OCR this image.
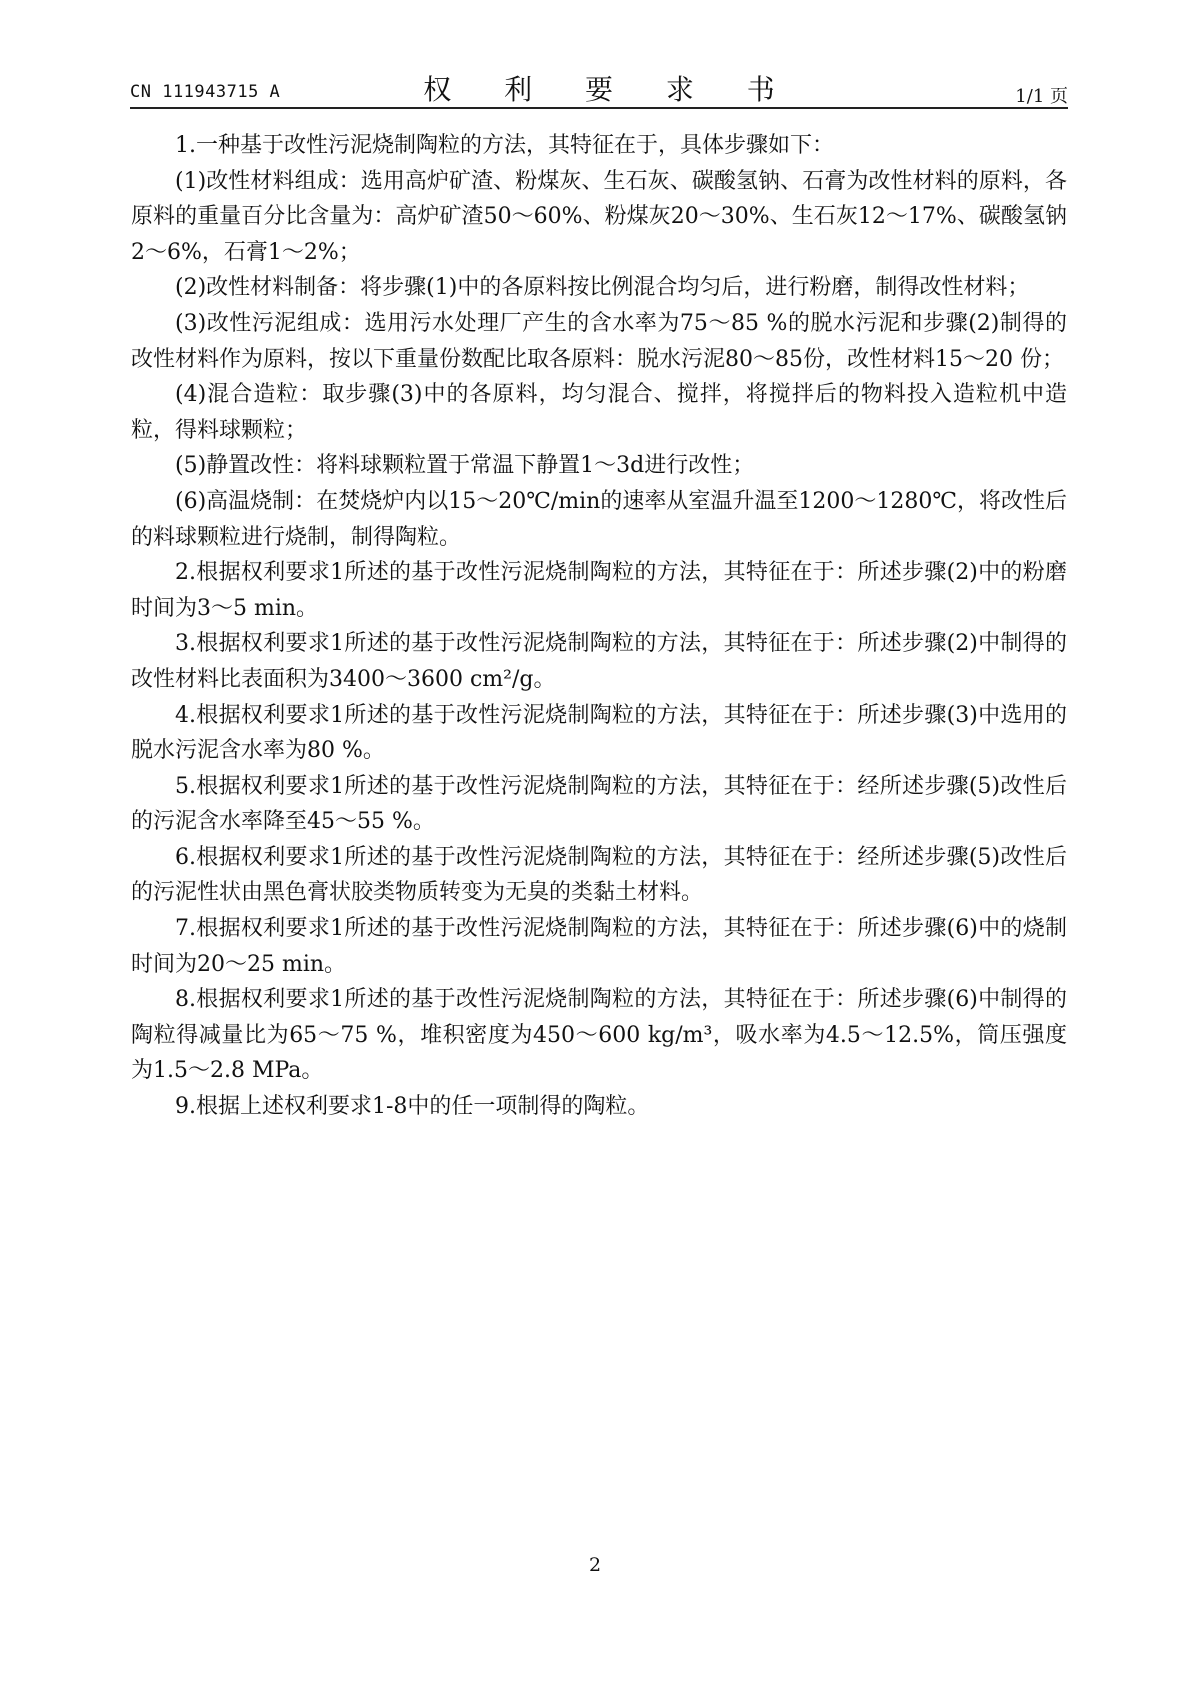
CN 111943715 A	权 利 要 求 书	1/1 页

1.一种基于改性污泥烧制陶粒的方法，其特征在于，具体步骤如下：

(1)改性材料组成：选用高炉矿渣、粉煤灰、生石灰、碳酸氢钠、石膏为改性材料的原料，各原料的重量百分比含量为：高炉矿渣50～60%、粉煤灰20～30%、生石灰12～17%、碳酸氢钠2～6%，石膏1～2%；

(2)改性材料制备：将步骤(1)中的各原料按比例混合均匀后，进行粉磨，制得改性材料；

(3)改性污泥组成：选用污水处理厂产生的含水率为75～85 %的脱水污泥和步骤(2)制得的改性材料作为原料，按以下重量份数配比取各原料：脱水污泥80～85份，改性材料15～20 份；

(4)混合造粒：取步骤(3)中的各原料，均匀混合、搅拌，将搅拌后的物料投入造粒机中造粒，得料球颗粒；

(5)静置改性：将料球颗粒置于常温下静置1～3d进行改性；

(6)高温烧制：在焚烧炉内以15～20℃/min的速率从室温升温至1200～1280℃，将改性后的料球颗粒进行烧制，制得陶粒。

2.根据权利要求1所述的基于改性污泥烧制陶粒的方法，其特征在于：所述步骤(2)中的粉磨时间为3～5 min。

3.根据权利要求1所述的基于改性污泥烧制陶粒的方法，其特征在于：所述步骤(2)中制得的改性材料比表面积为3400～3600 cm²/g。

4.根据权利要求1所述的基于改性污泥烧制陶粒的方法，其特征在于：所述步骤(3)中选用的脱水污泥含水率为80 %。

5.根据权利要求1所述的基于改性污泥烧制陶粒的方法，其特征在于：经所述步骤(5)改性后的污泥含水率降至45～55 %。

6.根据权利要求1所述的基于改性污泥烧制陶粒的方法，其特征在于：经所述步骤(5)改性后的污泥性状由黑色膏状胶类物质转变为无臭的类黏土材料。

7.根据权利要求1所述的基于改性污泥烧制陶粒的方法，其特征在于：所述步骤(6)中的烧制时间为20～25 min。

8.根据权利要求1所述的基于改性污泥烧制陶粒的方法，其特征在于：所述步骤(6)中制得的陶粒得减量比为65～75 %，堆积密度为450～600 kg/m³，吸水率为4.5～12.5%，筒压强度为1.5～2.8 MPa。

9.根据上述权利要求1-8中的任一项制得的陶粒。

2
